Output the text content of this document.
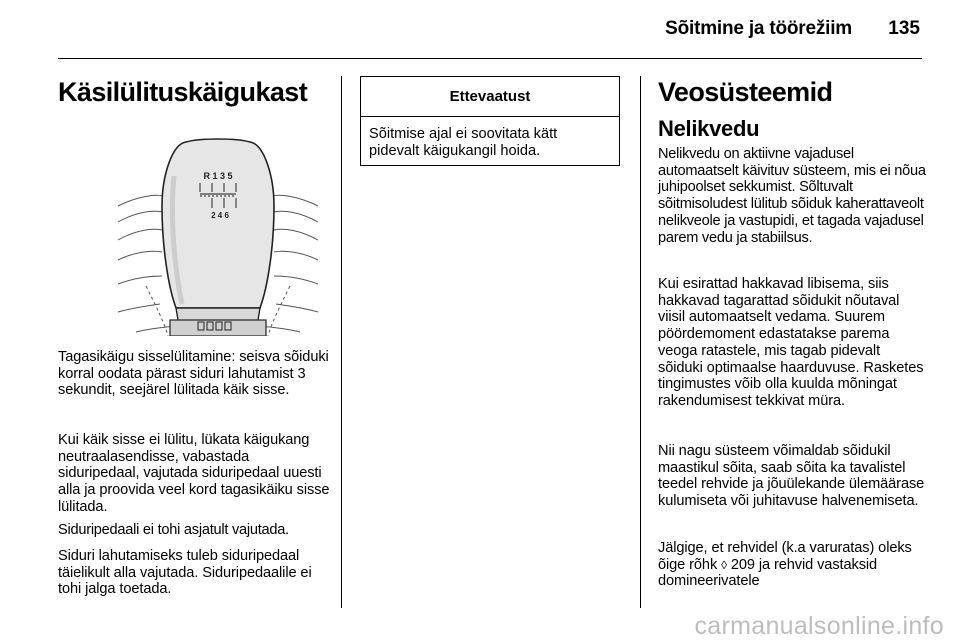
Sõitmine ja töörežiim	135
Käsilülituskäigukast
R 1 3 5
2 4 6

Tagasikäigu sisselülitamine: seisva sõiduki korral oodata pärast siduri lahutamist 3 sekundit, seejärel lülitada käik sisse.

Kui käik sisse ei lülitu, lükata käigukang neutraalasendisse, vabastada siduripedaal, vajutada siduripedaal uuesti alla ja proovida veel kord tagasikäiku sisse lülitada.

Siduripedaali ei tohi asjatult vajutada.

Siduri lahutamiseks tuleb siduripedaal täielikult alla vajutada. Siduripedaalile ei tohi jalga toetada.

Ettevaatust
Sõitmise ajal ei soovitata kätt pidevalt käigukangil hoida.
Veosüsteemid
Nelikvedu

Nelikvedu on aktiivne vajadusel automaatselt käivituv süsteem, mis ei nõua juhipoolset sekkumist. Sõltuvalt sõitmisoludest lülitub sõiduk kaherattaveolt nelikveole ja vastupidi, et tagada vajadusel parem vedu ja stabiilsus.

Kui esirattad hakkavad libisema, siis hakkavad tagarattad sõidukit nõutaval viisil automaatselt vedama. Suurem pöördemoment edastatakse parema veoga ratastele, mis tagab pidevalt sõiduki optimaalse haarduvuse. Rasketes tingimustes võib olla kuulda mõningat rakendumisest tekkivat müra.

Nii nagu süsteem võimaldab sõidukil maastikul sõita, saab sõita ka tavalistel teedel rehvide ja jõuülekande ülemäärase kulumiseta või juhitavuse halvenemiseta.

Jälgige, et rehvidel (k.a varuratas) oleks õige rõhk ◊ 209 ja rehvid vastaksid domineerivatele

carmanualsonline.info
